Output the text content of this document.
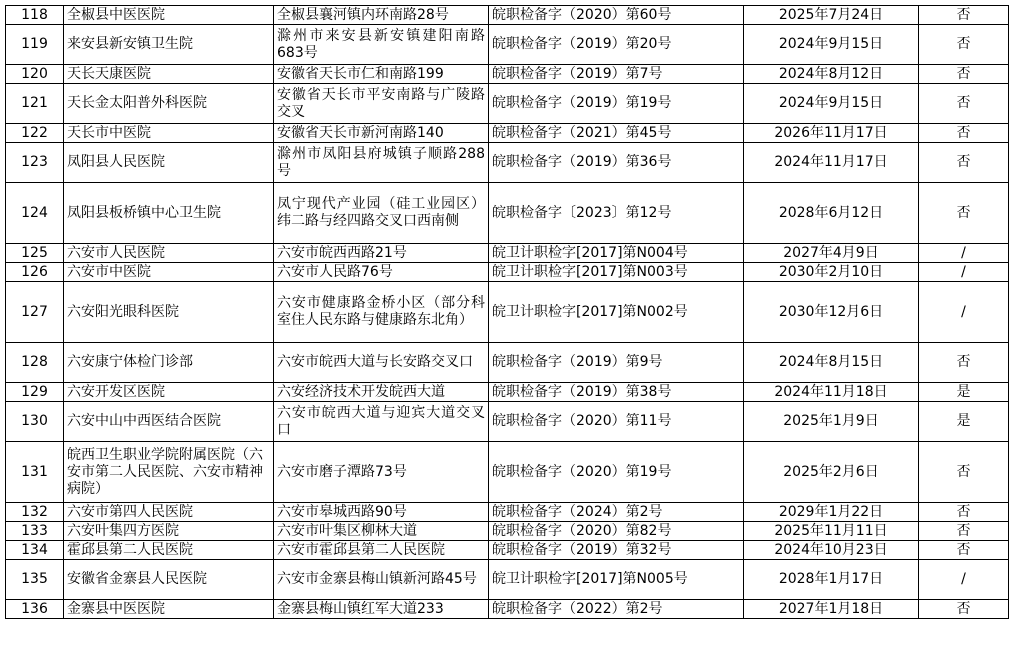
118	全椒县中医医院	全椒县襄河镇内环南路28号	皖职检备字（2020）第60号	2025年7月24日	否
119	来安县新安镇卫生院	滁州市来安县新安镇建阳南路683号	皖职检备字（2019）第20号	2024年9月15日	否
120	天长天康医院	安徽省天长市仁和南路199	皖职检备字（2019）第7号	2024年8月12日	否
121	天长金太阳普外科医院	安徽省天长市平安南路与广陵路交叉	皖职检备字（2019）第19号	2024年9月15日	否
122	天长市中医院	安徽省天长市新河南路140	皖职检备字（2021）第45号	2026年11月17日	否
123	凤阳县人民医院	滁州市凤阳县府城镇子顺路288号	皖职检备字（2019）第36号	2024年11月17日	否
124	凤阳县板桥镇中心卫生院	凤宁现代产业园（硅工业园区）纬二路与经四路交叉口西南侧	皖职检备字〔2023〕第12号	2028年6月12日	否
125	六安市人民医院	六安市皖西西路21号	皖卫计职检字[2017]第N004号	2027年4月9日	/
126	六安市中医院	六安市人民路76号	皖卫计职检字[2017]第N003号	2030年2月10日	/
127	六安阳光眼科医院	六安市健康路金桥小区（部分科室住人民东路与健康路东北角）	皖卫计职检字[2017]第N002号	2030年12月6日	/
128	六安康宁体检门诊部	六安市皖西大道与长安路交叉口	皖职检备字（2019）第9号	2024年8月15日	否
129	六安开发区医院	六安经济技术开发皖西大道	皖职检备字（2019）第38号	2024年11月18日	是
130	六安中山中西医结合医院	六安市皖西大道与迎宾大道交叉口	皖职检备字（2020）第11号	2025年1月9日	是
131	皖西卫生职业学院附属医院（六安市第二人民医院、六安市精神病院）	六安市磨子潭路73号	皖职检备字（2020）第19号	2025年2月6日	否
132	六安市第四人民医院	六安市皋城西路90号	皖职检备字（2024）第2号	2029年1月22日	否
133	六安叶集四方医院	六安市叶集区柳林大道	皖职检备字（2020）第82号	2025年11月11日	否
134	霍邱县第二人民医院	六安市霍邱县第二人民医院	皖职检备字（2019）第32号	2024年10月23日	否
135	安徽省金寨县人民医院	六安市金寨县梅山镇新河路45号	皖卫计职检字[2017]第N005号	2028年1月17日	/
136	金寨县中医医院	金寨县梅山镇红军大道233	皖职检备字（2022）第2号	2027年1月18日	否
